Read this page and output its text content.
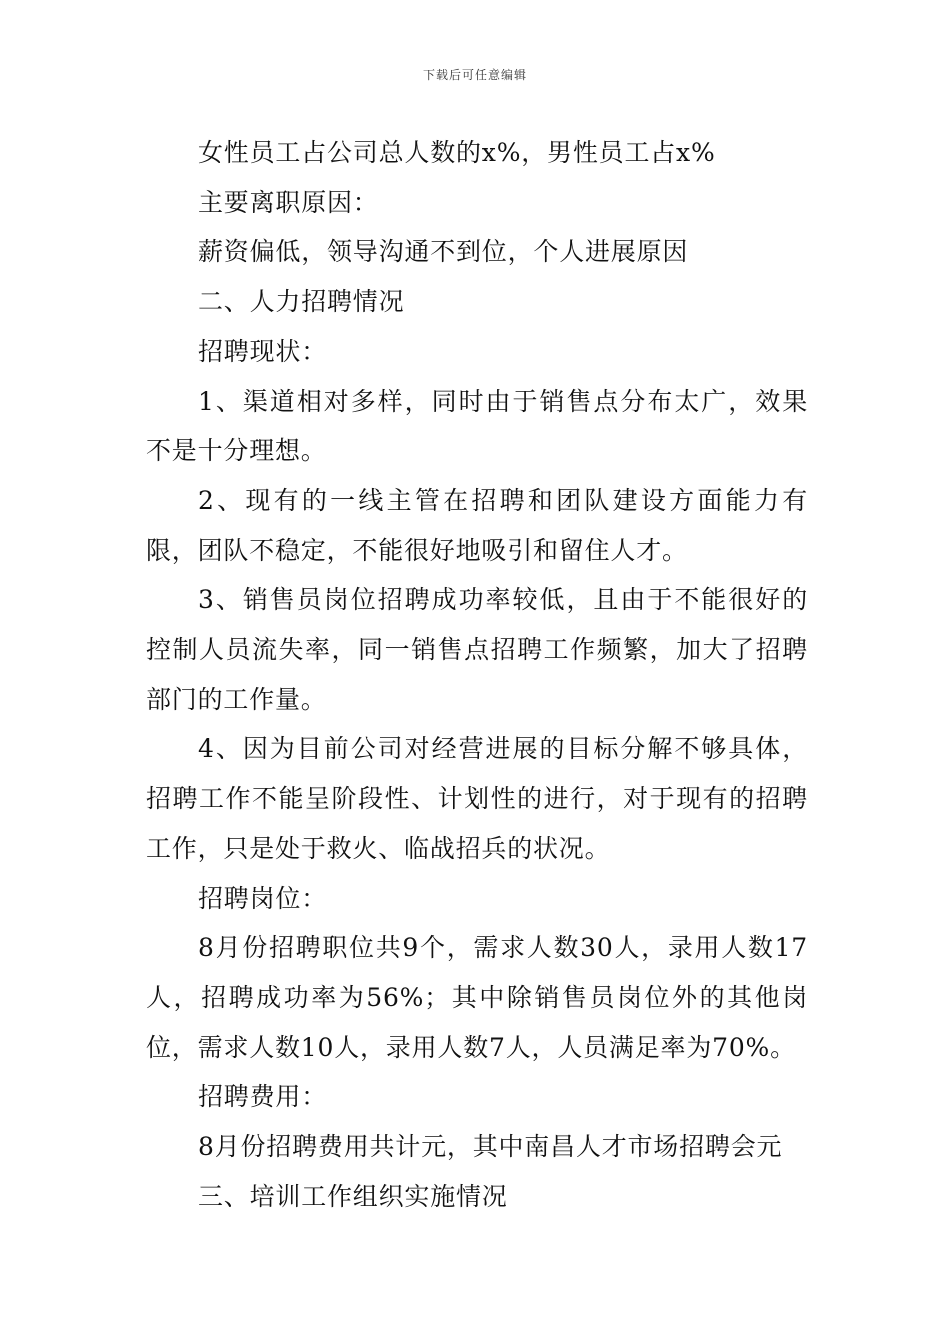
下载后可任意编辑

女性员工占公司总人数的x%，男性员工占x%

主要离职原因：

薪资偏低，领导沟通不到位，个人进展原因

二、人力招聘情况

招聘现状：

1、渠道相对多样，同时由于销售点分布太广，效果不是十分理想。

2、现有的一线主管在招聘和团队建设方面能力有限，团队不稳定，不能很好地吸引和留住人才。

3、销售员岗位招聘成功率较低，且由于不能很好的控制人员流失率，同一销售点招聘工作频繁，加大了招聘部门的工作量。

4、因为目前公司对经营进展的目标分解不够具体，招聘工作不能呈阶段性、计划性的进行，对于现有的招聘工作，只是处于救火、临战招兵的状况。

招聘岗位：

8月份招聘职位共9个，需求人数30人，录用人数17人，招聘成功率为56%；其中除销售员岗位外的其他岗位，需求人数10人，录用人数7人，人员满足率为70%。

招聘费用：

8月份招聘费用共计元，其中南昌人才市场招聘会元

三、培训工作组织实施情况
